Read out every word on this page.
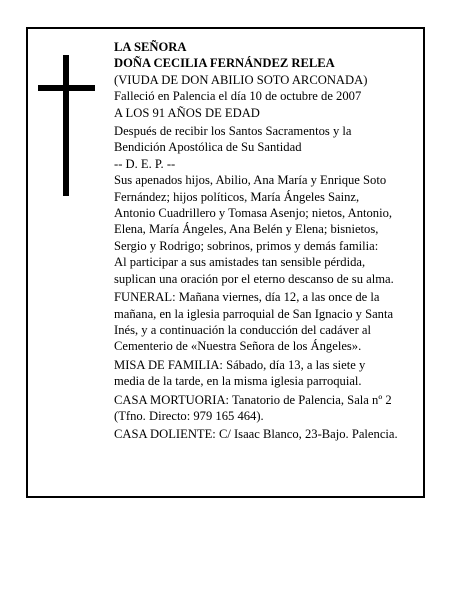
LA SEÑORA
DOÑA CECILIA FERNÁNDEZ RELEA
(VIUDA DE DON ABILIO SOTO ARCONADA)
Falleció en Palencia el día 10 de octubre de 2007
A LOS 91 AÑOS DE EDAD
Después de recibir los Santos Sacramentos y la
Bendición Apostólica de Su Santidad
-- D. E. P. --
Sus apenados hijos, Abilio, Ana María y Enrique Soto
Fernández; hijos políticos, María Ángeles Sainz,
Antonio Cuadrillero y Tomasa Asenjo; nietos, Antonio,
Elena, María Ángeles, Ana Belén y Elena; bisnietos,
Sergio y Rodrigo; sobrinos, primos y demás familia:
Al participar a sus amistades tan sensible pérdida,
suplican una oración por el eterno descanso de su alma.
FUNERAL: Mañana viernes, día 12, a las once de la
mañana, en la iglesia parroquial de San Ignacio y Santa
Inés, y a continuación la conducción del cadáver al
Cementerio de «Nuestra Señora de los Ángeles».
MISA DE FAMILIA: Sábado, día 13, a las siete y
media de la tarde, en la misma iglesia parroquial.
CASA MORTUORIA: Tanatorio de Palencia, Sala nº 2
(Tfno. Directo: 979 165 464).
CASA DOLIENTE: C/ Isaac Blanco, 23-Bajo. Palencia.
